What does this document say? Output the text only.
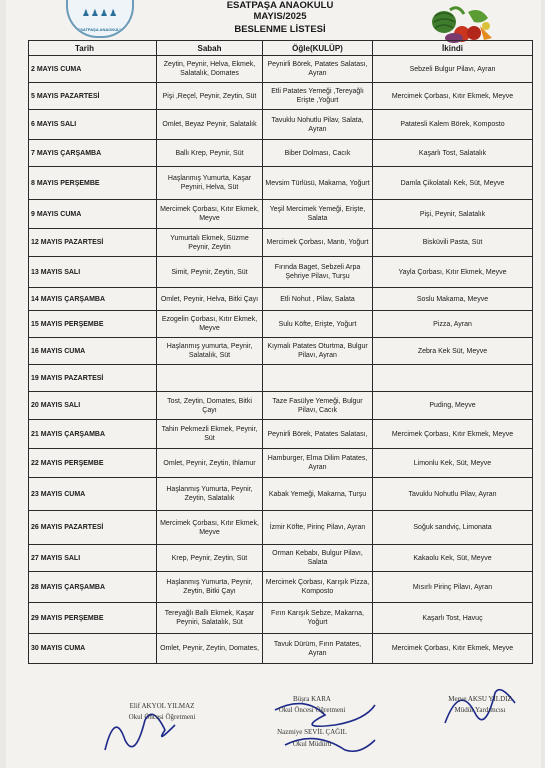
♟♟♟♟
ESATPAŞA ANAOKULU
ESATPAŞA ANAOKULU
MAYIS/2025
BESLENME LİSTESİ
Tarih	Sabah	Öğle(KULÜP)	İkindi
2 MAYIS CUMA	Zeytin, Peynir, Helva, Ekmek, Salatalık, Domates	Peynirli Börek, Patates Salatası, Ayran	Sebzeli Bulgur Pilavı, Ayran
5 MAYIS PAZARTESİ	Pişi ,Reçel, Peynir, Zeytin, Süt	Etli Patates Yemeği ,Tereyağlı Erişte ,Yoğurt	Mercimek Çorbası, Kıtır Ekmek, Meyve
6 MAYIS SALI	Omlet, Beyaz Peynir, Salatalık	Tavuklu Nohutlu Pilav, Salata, Ayran	Patatesli Kalem Börek, Komposto
7 MAYIS ÇARŞAMBA	Ballı Krep, Peynir, Süt	Biber Dolması, Cacık	Kaşarlı Tost, Salatalık
8 MAYIS PERŞEMBE	Haşlanmış Yumurta, Kaşar Peyniri, Helva, Süt	Mevsim Türlüsü, Makarna, Yoğurt	Damla Çikolatalı Kek, Süt, Meyve
9 MAYIS CUMA	Mercimek Çorbası, Kıtır Ekmek, Meyve	Yeşil Mercimek Yemeği, Erişte, Salata	Pişi, Peynir, Salatalık
12 MAYIS PAZARTESİ	Yumurtalı Ekmek, Süzme Peynir, Zeytin	Mercimek Çorbası, Mantı, Yoğurt	Bisküvili Pasta, Süt
13 MAYIS SALI	Simit, Peynir, Zeytin, Süt	Fırında Baget, Sebzeli Arpa Şehriye Pilavı, Turşu	Yayla Çorbası, Kıtır Ekmek, Meyve
14 MAYIS ÇARŞAMBA	Omlet, Peynir, Helva, Bitki Çayı	Etli Nohut , Pilav, Salata	Soslu Makarna, Meyve
15 MAYIS PERŞEMBE	Ezogelin Çorbası, Kıtır Ekmek, Meyve	Sulu Köfte, Erişte, Yoğurt	Pizza, Ayran
16 MAYIS CUMA	Haşlanmış yumurta, Peynir, Salatalık, Süt	Kıymalı Patates Oturtma, Bulgur Pilavı, Ayran	Zebra Kek Süt, Meyve
19 MAYIS PAZARTESİ			
20 MAYIS SALI	Tost, Zeytin, Domates, Bitki Çayı	Taze Fasülye Yemeği, Bulgur Pilavı, Cacık	Puding, Meyve
21 MAYIS ÇARŞAMBA	Tahin Pekmezli Ekmek, Peynir, Süt	Peynirli Börek, Patates Salatası,	Mercimek Çorbası, Kıtır Ekmek, Meyve
22 MAYIS PERŞEMBE	Omlet, Peynir, Zeytin, Ihlamur	Hamburger, Elma Dilim Patates, Ayran	Limonlu Kek, Süt, Meyve
23 MAYIS CUMA	Haşlanmış Yumurta, Peynir, Zeytin, Salatalık	Kabak Yemeği, Makarna, Turşu	Tavuklu Nohutlu Pilav, Ayran
26 MAYIS PAZARTESİ	Mercimek Çorbası, Kıtır Ekmek, Meyve	İzmir Köfte, Pirinç Pilavı, Ayran	Soğuk sandviç, Limonata
27 MAYIS SALI	Krep, Peynir, Zeytin, Süt	Orman Kebabı, Bulgur Pilavı, Salata	Kakaolu Kek, Süt, Meyve
28 MAYIS ÇARŞAMBA	Haşlanmış Yumurta, Peynir, Zeytin, Bitki Çayı	Mercimek Çorbası, Karışık Pizza, Komposto	Mısırlı Pirinç Pilavı, Ayran
29 MAYIS PERŞEMBE	Tereyağlı Ballı Ekmek, Kaşar Peyniri, Salatalık, Süt	Fırın Karışık Sebze, Makarna, Yoğurt	Kaşarlı Tost, Havuç
30 MAYIS CUMA	Omlet, Peynir, Zeytin, Domates,	Tavuk Dürüm, Fırın Patates, Ayran	Mercimek Çorbası, Kıtır Ekmek, Meyve
Elif AKYOL YILMAZ
Okul Öncesi Öğretmeni
Büşra KARA
Okul Öncesi Öğretmeni
Nazmiye SEVİL ÇAĞIL
Okul Müdürü
Merve AKSU YILDIZ
Müdür Yardımcısı
